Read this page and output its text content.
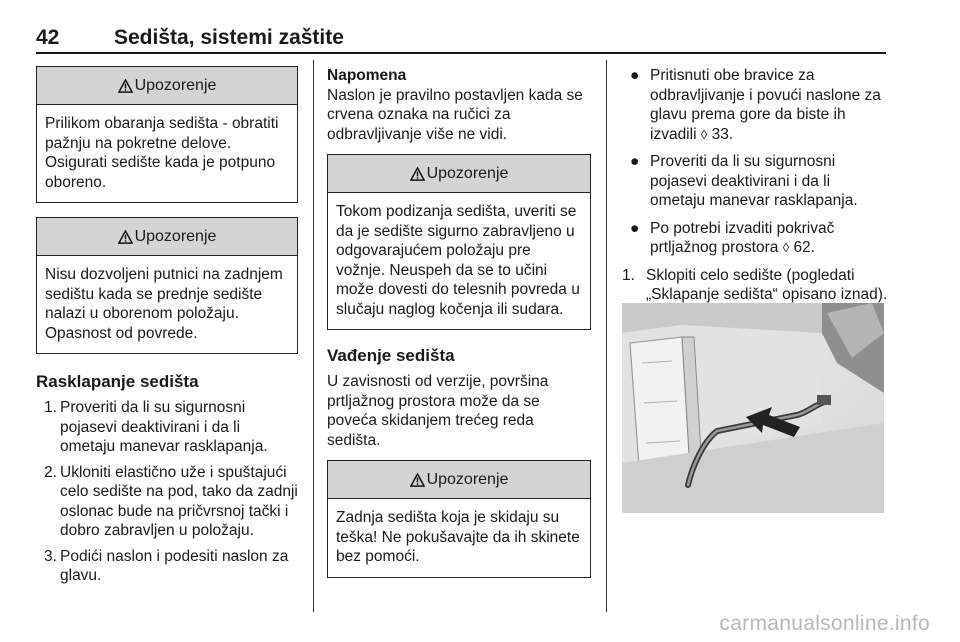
42	Sedišta, sistemi zaštite
Upozorenje
Prilikom obaranja sedišta - obratiti pažnju na pokretne delove. Osigurati sedište kada je potpuno oboreno.
Upozorenje
Nisu dozvoljeni putnici na zadnjem sedištu kada se prednje sedište nalazi u oborenom položaju. Opasnost od povrede.
Rasklapanje sedišta
1. Proveriti da li su sigurnosni pojasevi deaktivirani i da li ometaju manevar rasklapanja.
2. Ukloniti elastično uže i spuštajući celo sedište na pod, tako da zadnji oslonac bude na pričvrsnoj tački i dobro zabravljen u položaju.
3. Podići naslon i podesiti naslon za glavu.
Napomena
Naslon je pravilno postavljen kada se crvena oznaka na ručici za odbravljivanje više ne vidi.
Upozorenje
Tokom podizanja sedišta, uveriti se da je sedište sigurno zabravljeno u odgovarajućem položaju pre vožnje. Neuspeh da se to učini može dovesti do telesnih povreda u slučaju naglog kočenja ili sudara.
Vađenje sedišta
U zavisnosti od verzije, površina prtljažnog prostora može da se poveća skidanjem trećeg reda sedišta.
Upozorenje
Zadnja sedišta koja je skidaju su teška! Ne pokušavajte da ih skinete bez pomoći.
● Pritisnuti obe bravice za odbravljivanje i povući naslone za glavu prema gore da biste ih izvadili ◊ 33.
● Proveriti da li su sigurnosni pojasevi deaktivirani i da li ometaju manevar rasklapanja.
● Po potrebi izvaditi pokrivač prtljažnog prostora ◊ 62.
1. Sklopiti celo sedište (pogledati „Sklapanje sedišta“ opisano iznad).
carmanualsonline.info
